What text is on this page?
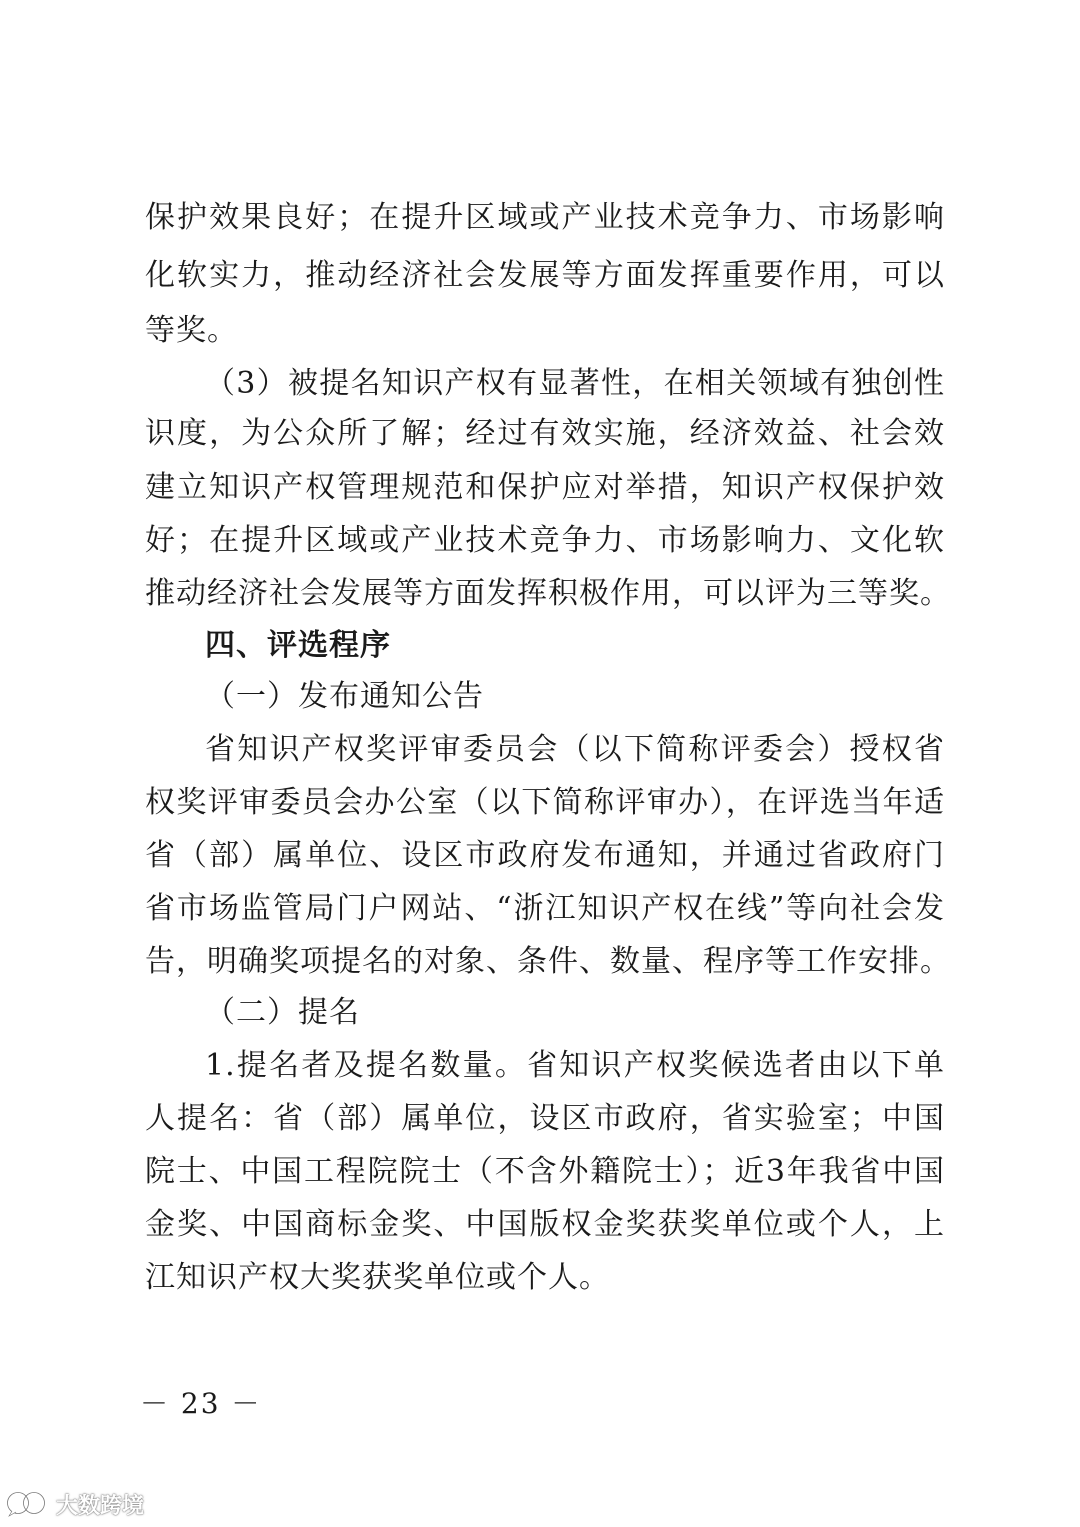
保护效果良好；在提升区域或产业技术竞争力、市场影响
化软实力，推动经济社会发展等方面发挥重要作用，可以
等奖。
（3）被提名知识产权有显著性，在相关领域有独创性
识度，为公众所了解；经过有效实施，经济效益、社会效
建立知识产权管理规范和保护应对举措，知识产权保护效
好；在提升区域或产业技术竞争力、市场影响力、文化软
推动经济社会发展等方面发挥积极作用，可以评为三等奖。
四、评选程序
（一）发布通知公告
省知识产权奖评审委员会（以下简称评委会）授权省
权奖评审委员会办公室（以下简称评审办），在评选当年适
省（部）属单位、设区市政府发布通知，并通过省政府门
省市场监管局门户网站、“浙江知识产权在线”等向社会发
告，明确奖项提名的对象、条件、数量、程序等工作安排。
（二）提名
1.提名者及提名数量。省知识产权奖候选者由以下单
人提名：省（部）属单位，设区市政府，省实验室；中国
院士、中国工程院院士（不含外籍院士）；近3年我省中国
金奖、中国商标金奖、中国版权金奖获奖单位或个人，上
江知识产权大奖获奖单位或个人。
－ 23 －
大数跨境
